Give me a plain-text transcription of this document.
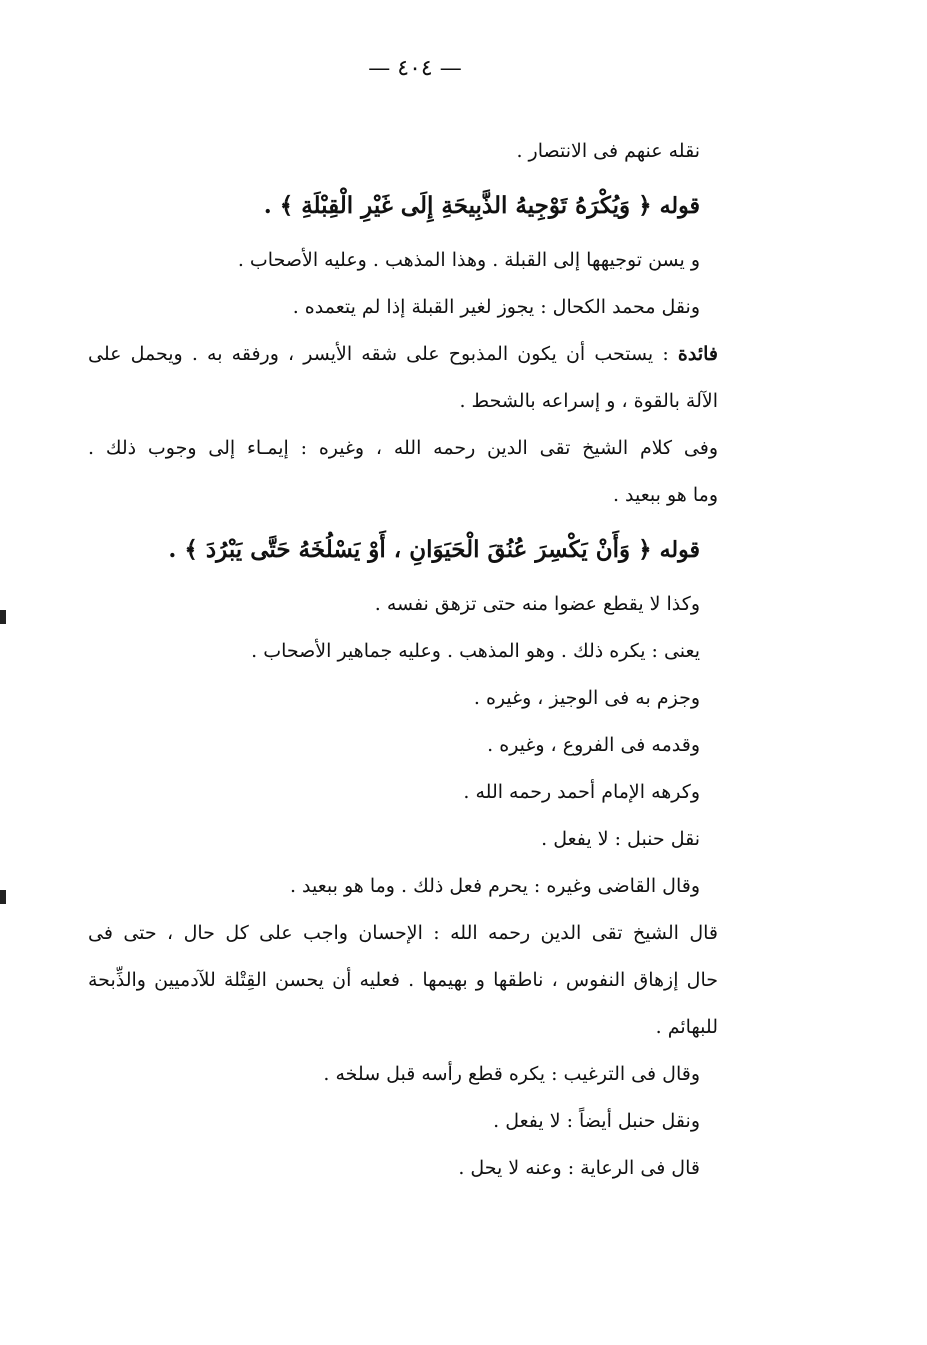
— ٤٠٤ —
نقله عنهم فى الانتصار .
قوله ﴿ وَيُكْرَهُ تَوْجِيهُ الذَّبِيحَةِ إِلَى غَيْرِ الْقِبْلَةِ ﴾ .
و يسن توجيهها إلى القبلة . وهذا المذهب . وعليه الأصحاب .
ونقل محمد الكحال : يجوز لغير القبلة إذا لم يتعمده .
فائدة : يستحب أن يكون المذبوح على شقه الأيسر ، ورفقه به . ويحمل على
الآلة بالقوة ، و إسراعه بالشحط .
وفى كلام الشيخ تقى الدين رحمه الله ، وغيره : إيمـاء إلى وجوب ذلك .
وما هو ببعيد .
قوله ﴿ وَأَنْ يَكْسِرَ عُنُقَ الْحَيَوَانِ ، أَوْ يَسْلُخَهُ حَتَّى يَبْرُدَ ﴾ .
وكذا لا يقطع عضوا منه حتى تزهق نفسه .
يعنى : يكره ذلك . وهو المذهب . وعليه جماهير الأصحاب .
وجزم به فى الوجيز ، وغيره .
وقدمه فى الفروع ، وغيره .
وكرهه الإمام أحمد رحمه الله .
نقل حنبل : لا يفعل .
وقال القاضى وغيره : يحرم فعل ذلك . وما هو ببعيد .
قال الشيخ تقى الدين رحمه الله : الإحسان واجب على كل حال ، حتى فى
حال إزهاق النفوس ، ناطقها و بهيمها . فعليه أن يحسن القِتْلة للآدميين والذِّبحة
للبهائم .
وقال فى الترغيب : يكره قطع رأسه قبل سلخه .
ونقل حنبل أيضاً : لا يفعل .
قال فى الرعاية : وعنه لا يحل .
